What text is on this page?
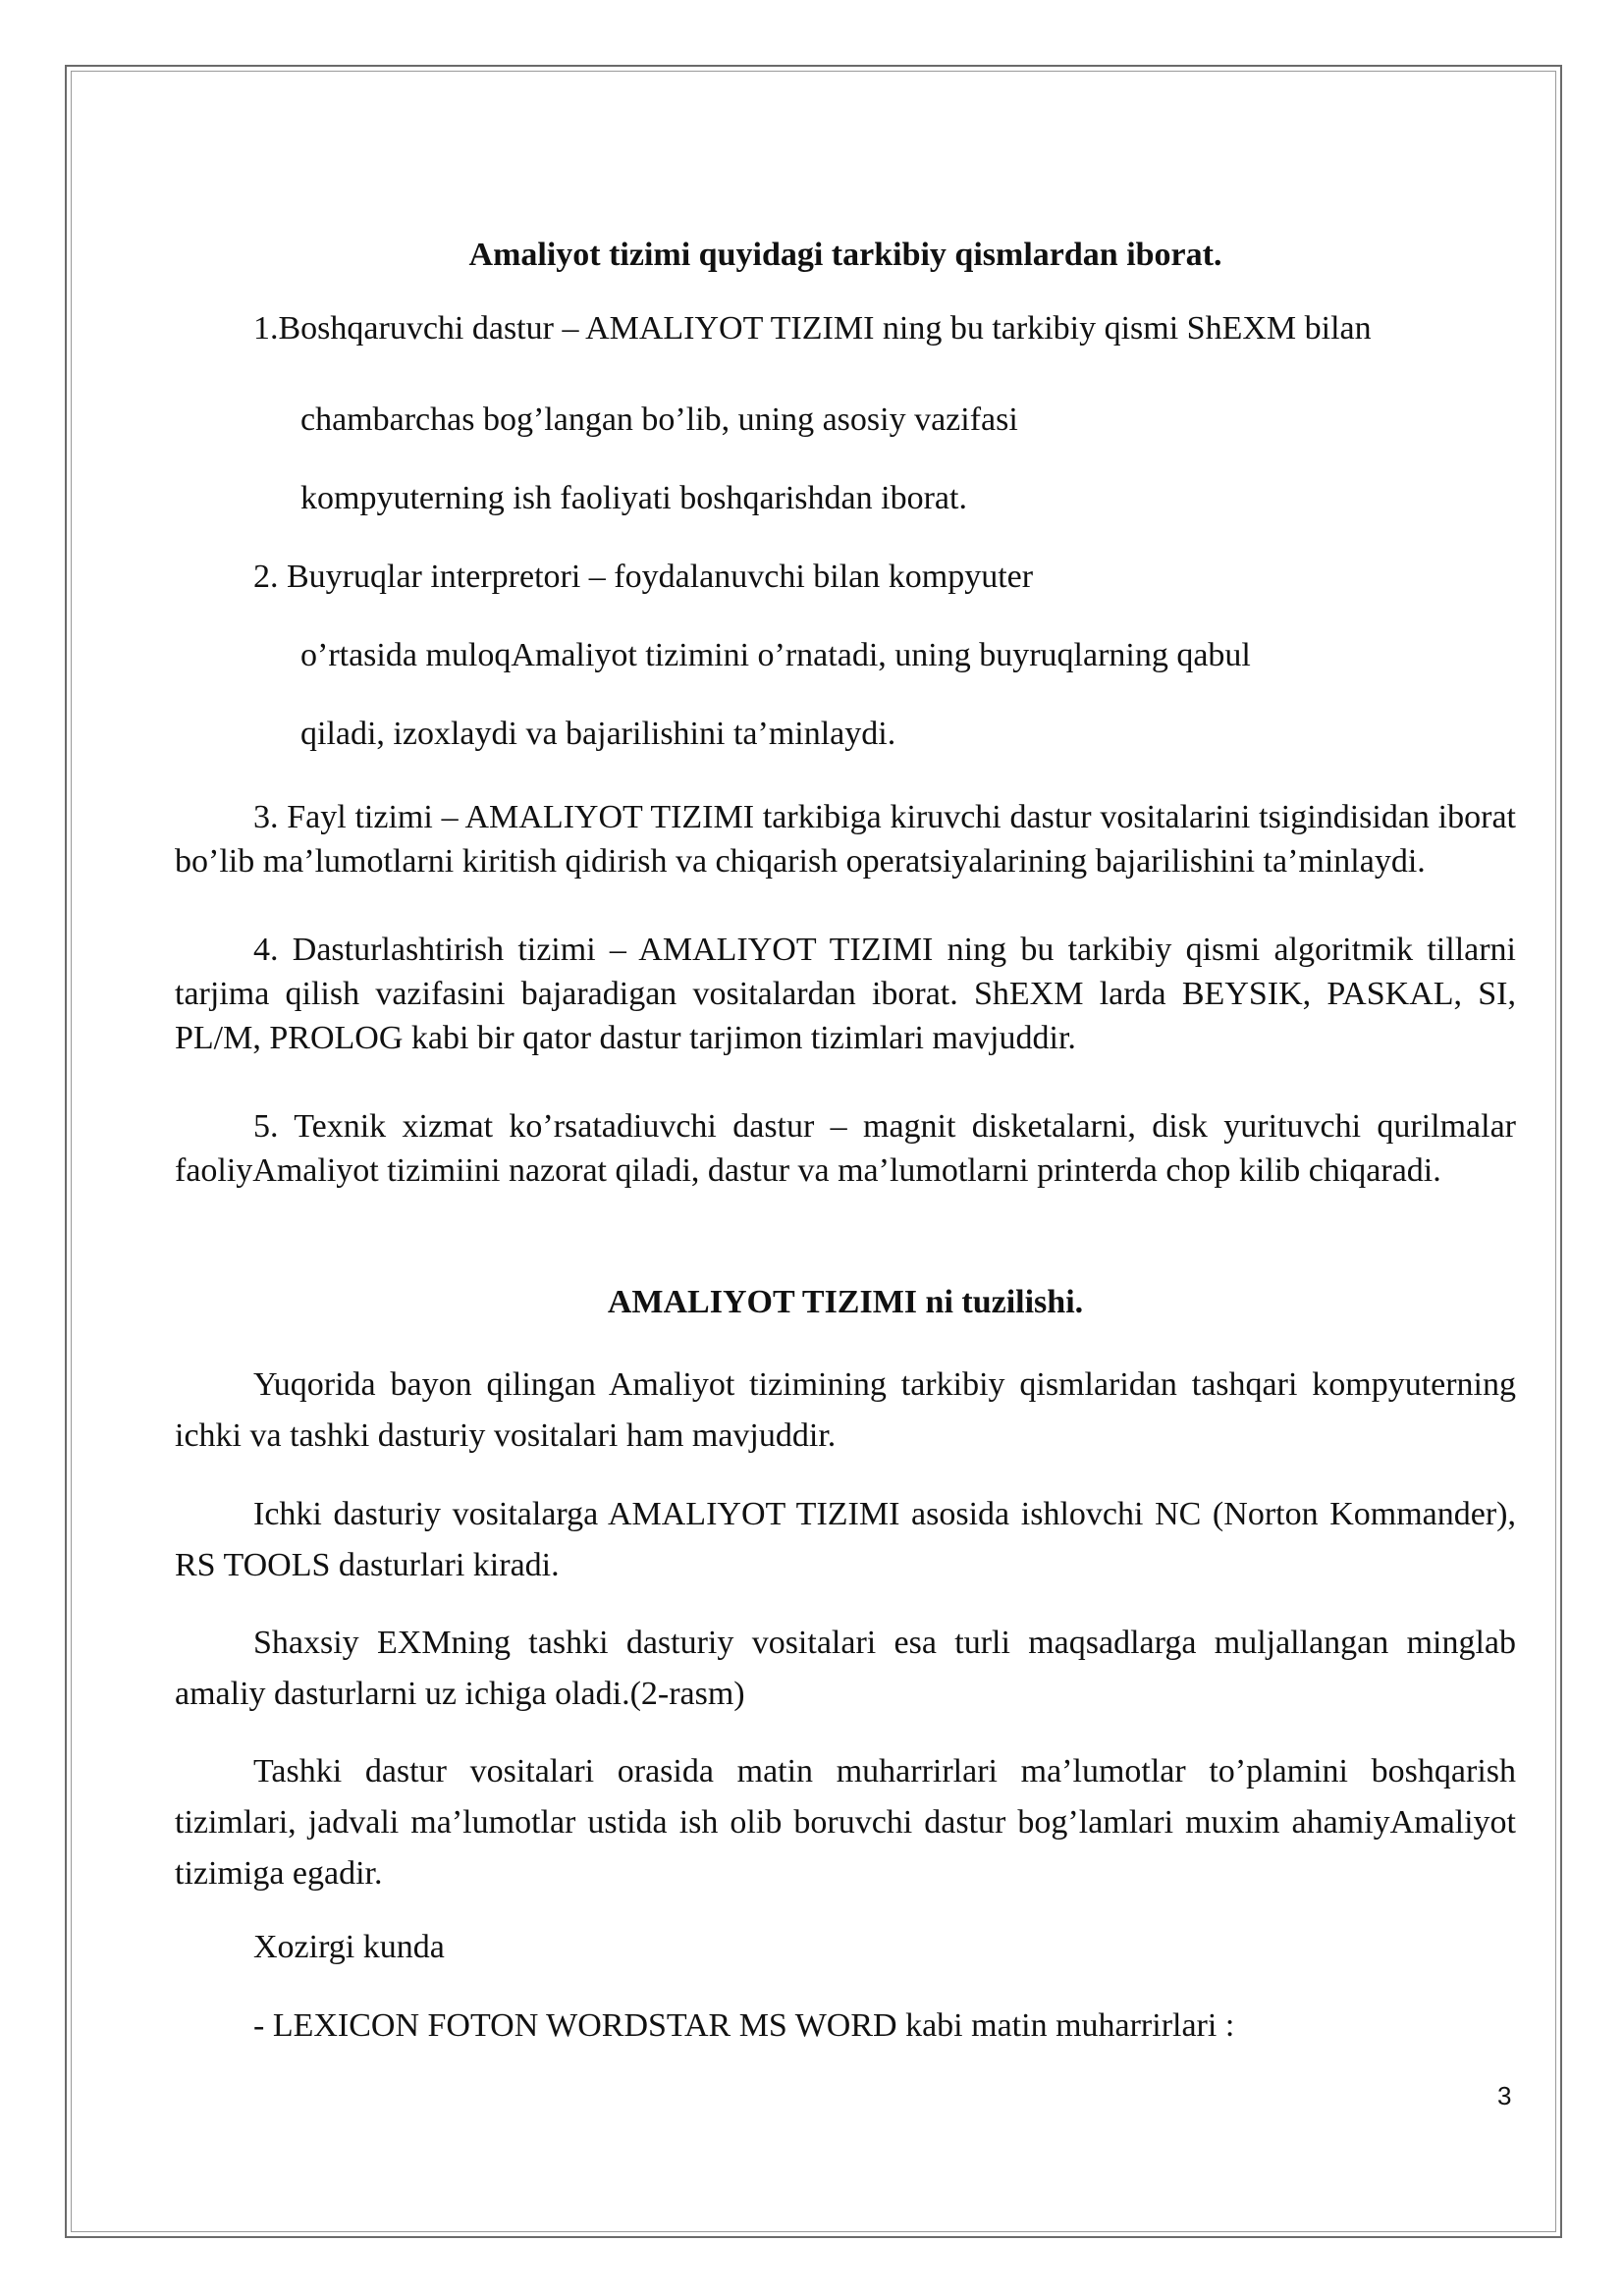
Amaliyot tizimi quyidagi tarkibiy qismlardan iborat.
1.Boshqaruvchi dastur – AMALIYOT TIZIMI ning bu tarkibiy qismi ShEXM bilan
chambarchas bog’langan bo’lib, uning asosiy vazifasi
kompyuterning ish faoliyati boshqarishdan iborat.
2. Buyruqlar interpretori – foydalanuvchi bilan kompyuter
o’rtasida muloqAmaliyot tizimini o’rnatadi, uning buyruqlarning qabul
qiladi, izoxlaydi va bajarilishini ta’minlaydi.
3. Fayl tizimi – AMALIYOT TIZIMI tarkibiga kiruvchi dastur vositalarini tsigindisidan iborat bo’lib ma’lumotlarni kiritish qidirish va chiqarish operatsiyalarining bajarilishini ta’minlaydi.
4. Dasturlashtirish tizimi – AMALIYOT TIZIMI ning bu tarkibiy qismi algoritmik tillarni tarjima qilish vazifasini bajaradigan vositalardan iborat. ShEXM larda BEYSIK, PASKAL, SI, PL/M, PROLOG kabi bir qator dastur tarjimon tizimlari mavjuddir.
5. Texnik xizmat ko’rsatadiuvchi dastur – magnit disketalarni, disk yurituvchi qurilmalar faoliyAmaliyot tizimiini nazorat qiladi, dastur va ma’lumotlarni printerda chop kilib chiqaradi.
AMALIYOT TIZIMI ni tuzilishi.
Yuqorida bayon qilingan Amaliyot tizimining tarkibiy qismlaridan tashqari kompyuterning ichki va tashki dasturiy vositalari ham mavjuddir.
Ichki dasturiy vositalarga AMALIYOT TIZIMI asosida ishlovchi NC (Norton Kommander), RS TOOLS dasturlari kiradi.
Shaxsiy EXMning tashki dasturiy vositalari esa turli maqsadlarga muljallangan minglab amaliy dasturlarni uz ichiga oladi.(2-rasm)
Tashki dastur vositalari orasida matin muharrirlari ma’lumotlar to’plamini boshqarish tizimlari, jadvali ma’lumotlar ustida ish olib boruvchi dastur bog’lamlari muxim ahamiyAmaliyot tizimiga egadir.
Xozirgi kunda
- LEXICON FOTON WORDSTAR MS WORD kabi matin muharrirlari :
3
